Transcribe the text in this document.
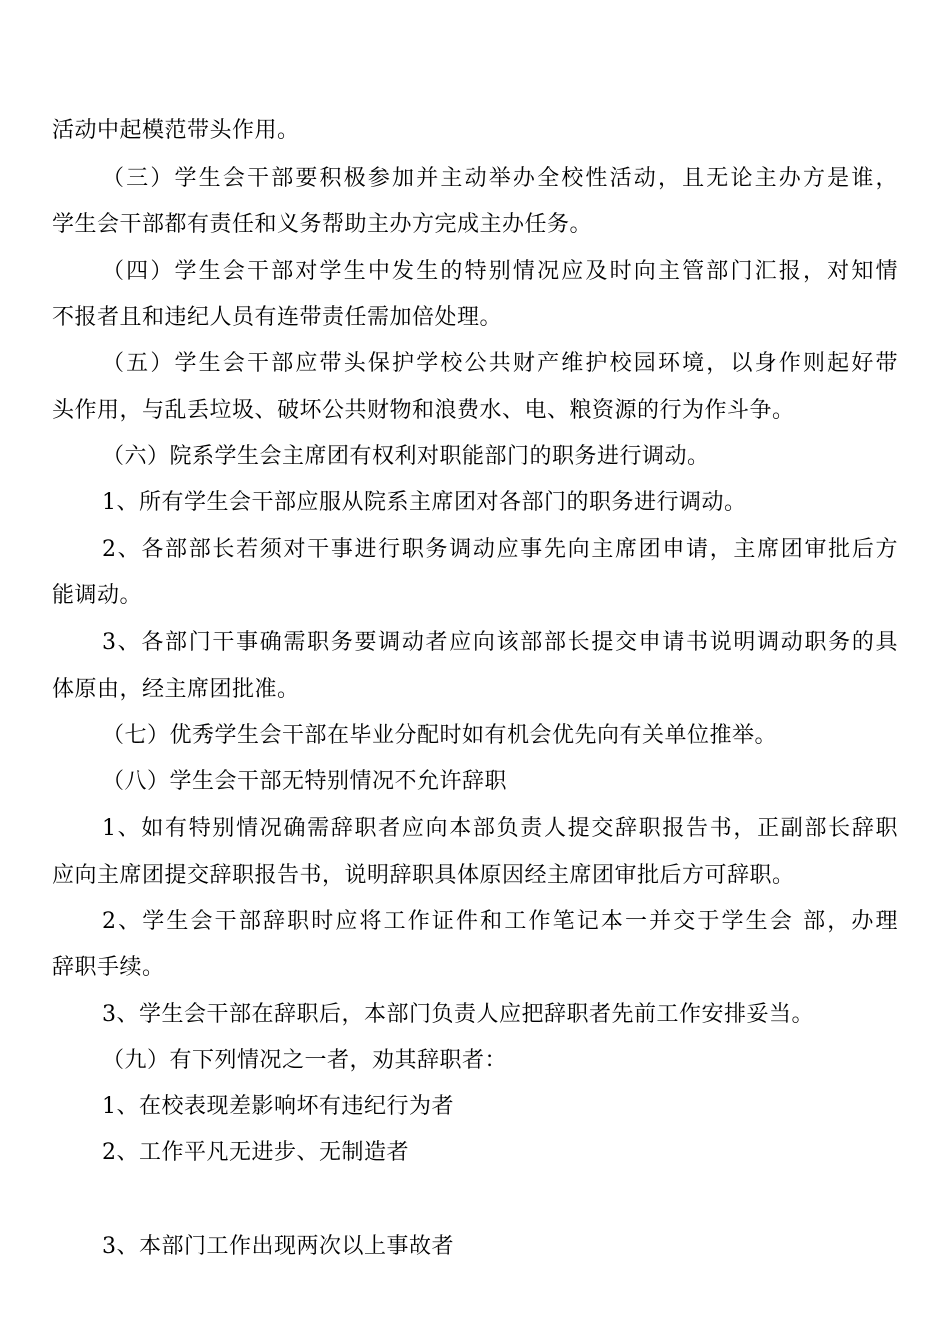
活动中起模范带头作用。
（三）学生会干部要积极参加并主动举办全校性活动，且无论主办方是谁，
学生会干部都有责任和义务帮助主办方完成主办任务。
（四）学生会干部对学生中发生的特别情况应及时向主管部门汇报，对知情
不报者且和违纪人员有连带责任需加倍处理。
（五）学生会干部应带头保护学校公共财产维护校园环境，以身作则起好带
头作用，与乱丢垃圾、破坏公共财物和浪费水、电、粮资源的行为作斗争。
（六）院系学生会主席团有权利对职能部门的职务进行调动。
1、所有学生会干部应服从院系主席团对各部门的职务进行调动。
2、各部部长若须对干事进行职务调动应事先向主席团申请，主席团审批后方
能调动。
3、各部门干事确需职务要调动者应向该部部长提交申请书说明调动职务的具
体原由，经主席团批准。
（七）优秀学生会干部在毕业分配时如有机会优先向有关单位推举。
（八）学生会干部无特别情况不允许辞职
1、如有特别情况确需辞职者应向本部负责人提交辞职报告书，正副部长辞职
应向主席团提交辞职报告书，说明辞职具体原因经主席团审批后方可辞职。
2、学生会干部辞职时应将工作证件和工作笔记本一并交于学生会 部，办理
辞职手续。
3、学生会干部在辞职后，本部门负责人应把辞职者先前工作安排妥当。
（九）有下列情况之一者，劝其辞职者：
1、在校表现差影响坏有违纪行为者
2、工作平凡无进步、无制造者
3、本部门工作出现两次以上事故者
